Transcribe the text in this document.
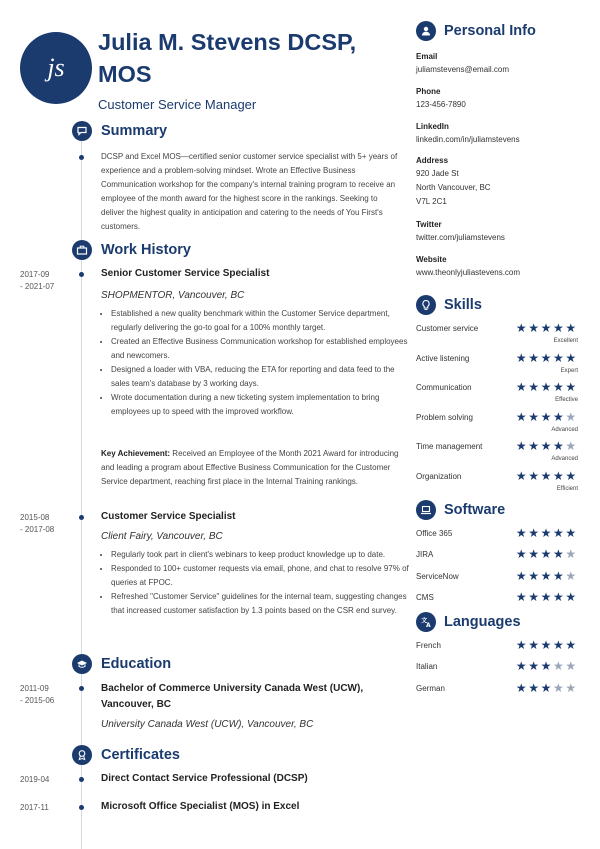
js
Julia M. Stevens DCSP, MOS
Customer Service Manager
Summary
DCSP and Excel MOS—certified senior customer service specialist with 5+ years of experience and a problem-solving mindset. Wrote an Effective Business Communication workshop for the company's internal training program to receive an employee of the month award for the highest score in the rankings. Seeking to deliver the highest quality in anticipation and catering to the needs of You First's customers.
Work History
2017-09
- 2021-07
Senior Customer Service Specialist
SHOPMENTOR, Vancouver, BC
• Established a new quality benchmark within the Customer Service department, regularly delivering the go-to goal for a 100% monthly target.
• Created an Effective Business Communication workshop for established employees and newcomers.
• Designed a loader with VBA, reducing the ETA for reporting and data feed to the sales team's database by 3 working days.
• Wrote documentation during a new ticketing system implementation to bring employees up to speed with the improved workflow.
Key Achievement: Received an Employee of the Month 2021 Award for introducing and leading a program about Effective Business Communication for the Customer Service department, reaching first place in the Internal Training rankings.
2015-08
- 2017-08
Customer Service Specialist
Client Fairy, Vancouver, BC
• Regularly took part in client's webinars to keep product knowledge up to date.
• Responded to 100+ customer requests via email, phone, and chat to resolve 97% of queries at FPOC.
• Refreshed "Customer Service" guidelines for the internal team, suggesting changes that increased customer satisfaction by 1.3 points based on the CSR end survey.
Education
2011-09
- 2015-06
Bachelor of Commerce University Canada West (UCW), Vancouver, BC
University Canada West (UCW), Vancouver, BC
Certificates
2019-04	Direct Contact Service Professional (DCSP)
2017-11	Microsoft Office Specialist (MOS) in Excel
Personal Info
Email
juliamstevens@email.com
Phone
123-456-7890
LinkedIn
linkedin.com/in/juliamstevens
Address
920 Jade St
North Vancouver, BC
V7L 2C1
Twitter
twitter.com/juliamstevens
Website
www.theonlyjuliastevens.com
Skills
Customer service	★ ★ ★ ★ ★
Excellent
Active listening	★ ★ ★ ★ ★
Expert
Communication	★ ★ ★ ★ ★
Effective
Problem solving	★ ★ ★ ★ ★
Advanced
Time management	★ ★ ★ ★ ★
Advanced
Organization	★ ★ ★ ★ ★
Efficient
Software
Office 365	★ ★ ★ ★ ★
JIRA	★ ★ ★ ★ ★
ServiceNow	★ ★ ★ ★ ★
CMS	★ ★ ★ ★ ★
文
A Languages
French	★ ★ ★ ★ ★
Italian	★ ★ ★ ★ ★
German	★ ★ ★ ★ ★
